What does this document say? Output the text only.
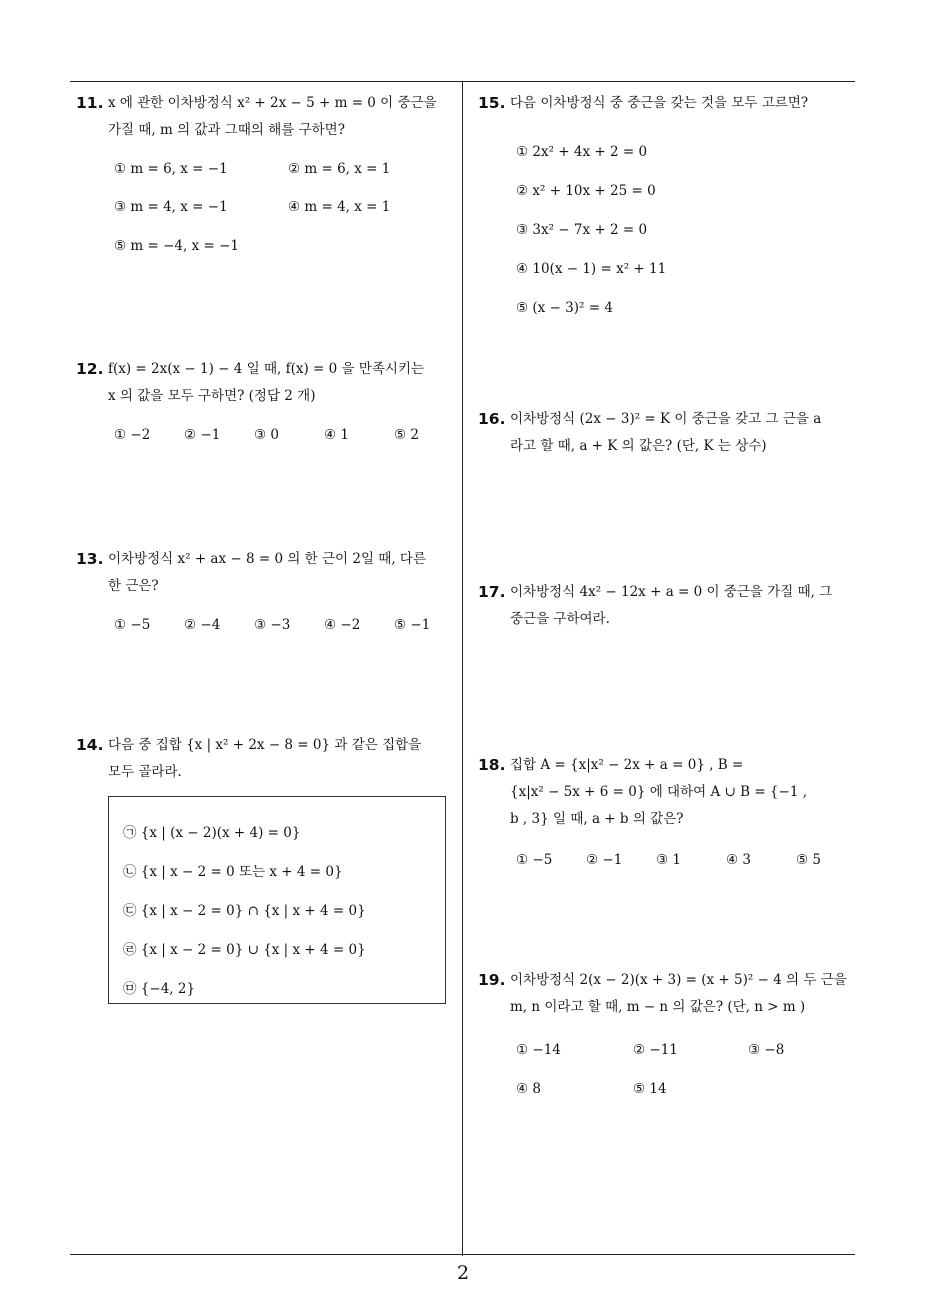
11. x 에 관한 이차방정식 x² + 2x − 5 + m = 0 이 중근을
가질 때, m 의 값과 그때의 해를 구하면?
① m = 6, x = −1	② m = 6, x = 1
③ m = 4, x = −1	④ m = 4, x = 1
⑤ m = −4, x = −1
12. f(x) = 2x(x − 1) − 4 일 때, f(x) = 0 을 만족시키는
x 의 값을 모두 구하면? (정답 2 개)
① −2 ② −1 ③ 0	④ 1	⑤ 2
13. 이차방정식 x² + ax − 8 = 0 의 한 근이 2일 때, 다른
한 근은?
① −5 ② −4 ③ −3 ④ −2 ⑤ −1
14. 다음 중 집합 {x | x² + 2x − 8 = 0} 과 같은 집합을
모두 골라라.
㉠ {x | (x − 2)(x + 4) = 0}
㉡ {x | x − 2 = 0 또는 x + 4 = 0}
㉢ {x | x − 2 = 0} ∩ {x | x + 4 = 0}
㉣ {x | x − 2 = 0} ∪ {x | x + 4 = 0}
㉤ {−4, 2}
15. 다음 이차방정식 중 중근을 갖는 것을 모두 고르면?
① 2x² + 4x + 2 = 0
② x² + 10x + 25 = 0
③ 3x² − 7x + 2 = 0
④ 10(x − 1) = x² + 11
⑤ (x − 3)² = 4
16. 이차방정식 (2x − 3)² = K 이 중근을 갖고 그 근을 a
라고 할 때, a + K 의 값은? (단, K 는 상수)
17. 이차방정식 4x² − 12x + a = 0 이 중근을 가질 때, 그
중근을 구하여라.
18. 집합 A = {x|x² − 2x + a = 0} , B =
{x|x² − 5x + 6 = 0} 에 대하여 A ∪ B = {−1 ,
b , 3} 일 때, a + b 의 값은?
① −5 ② −1 ③ 1	④ 3	⑤ 5
19. 이차방정식 2(x − 2)(x + 3) = (x + 5)² − 4 의 두 근을
m, n 이라고 할 때, m − n 의 값은? (단, n > m )
① −14	② −11	③ −8
④ 8	⑤ 14
2
